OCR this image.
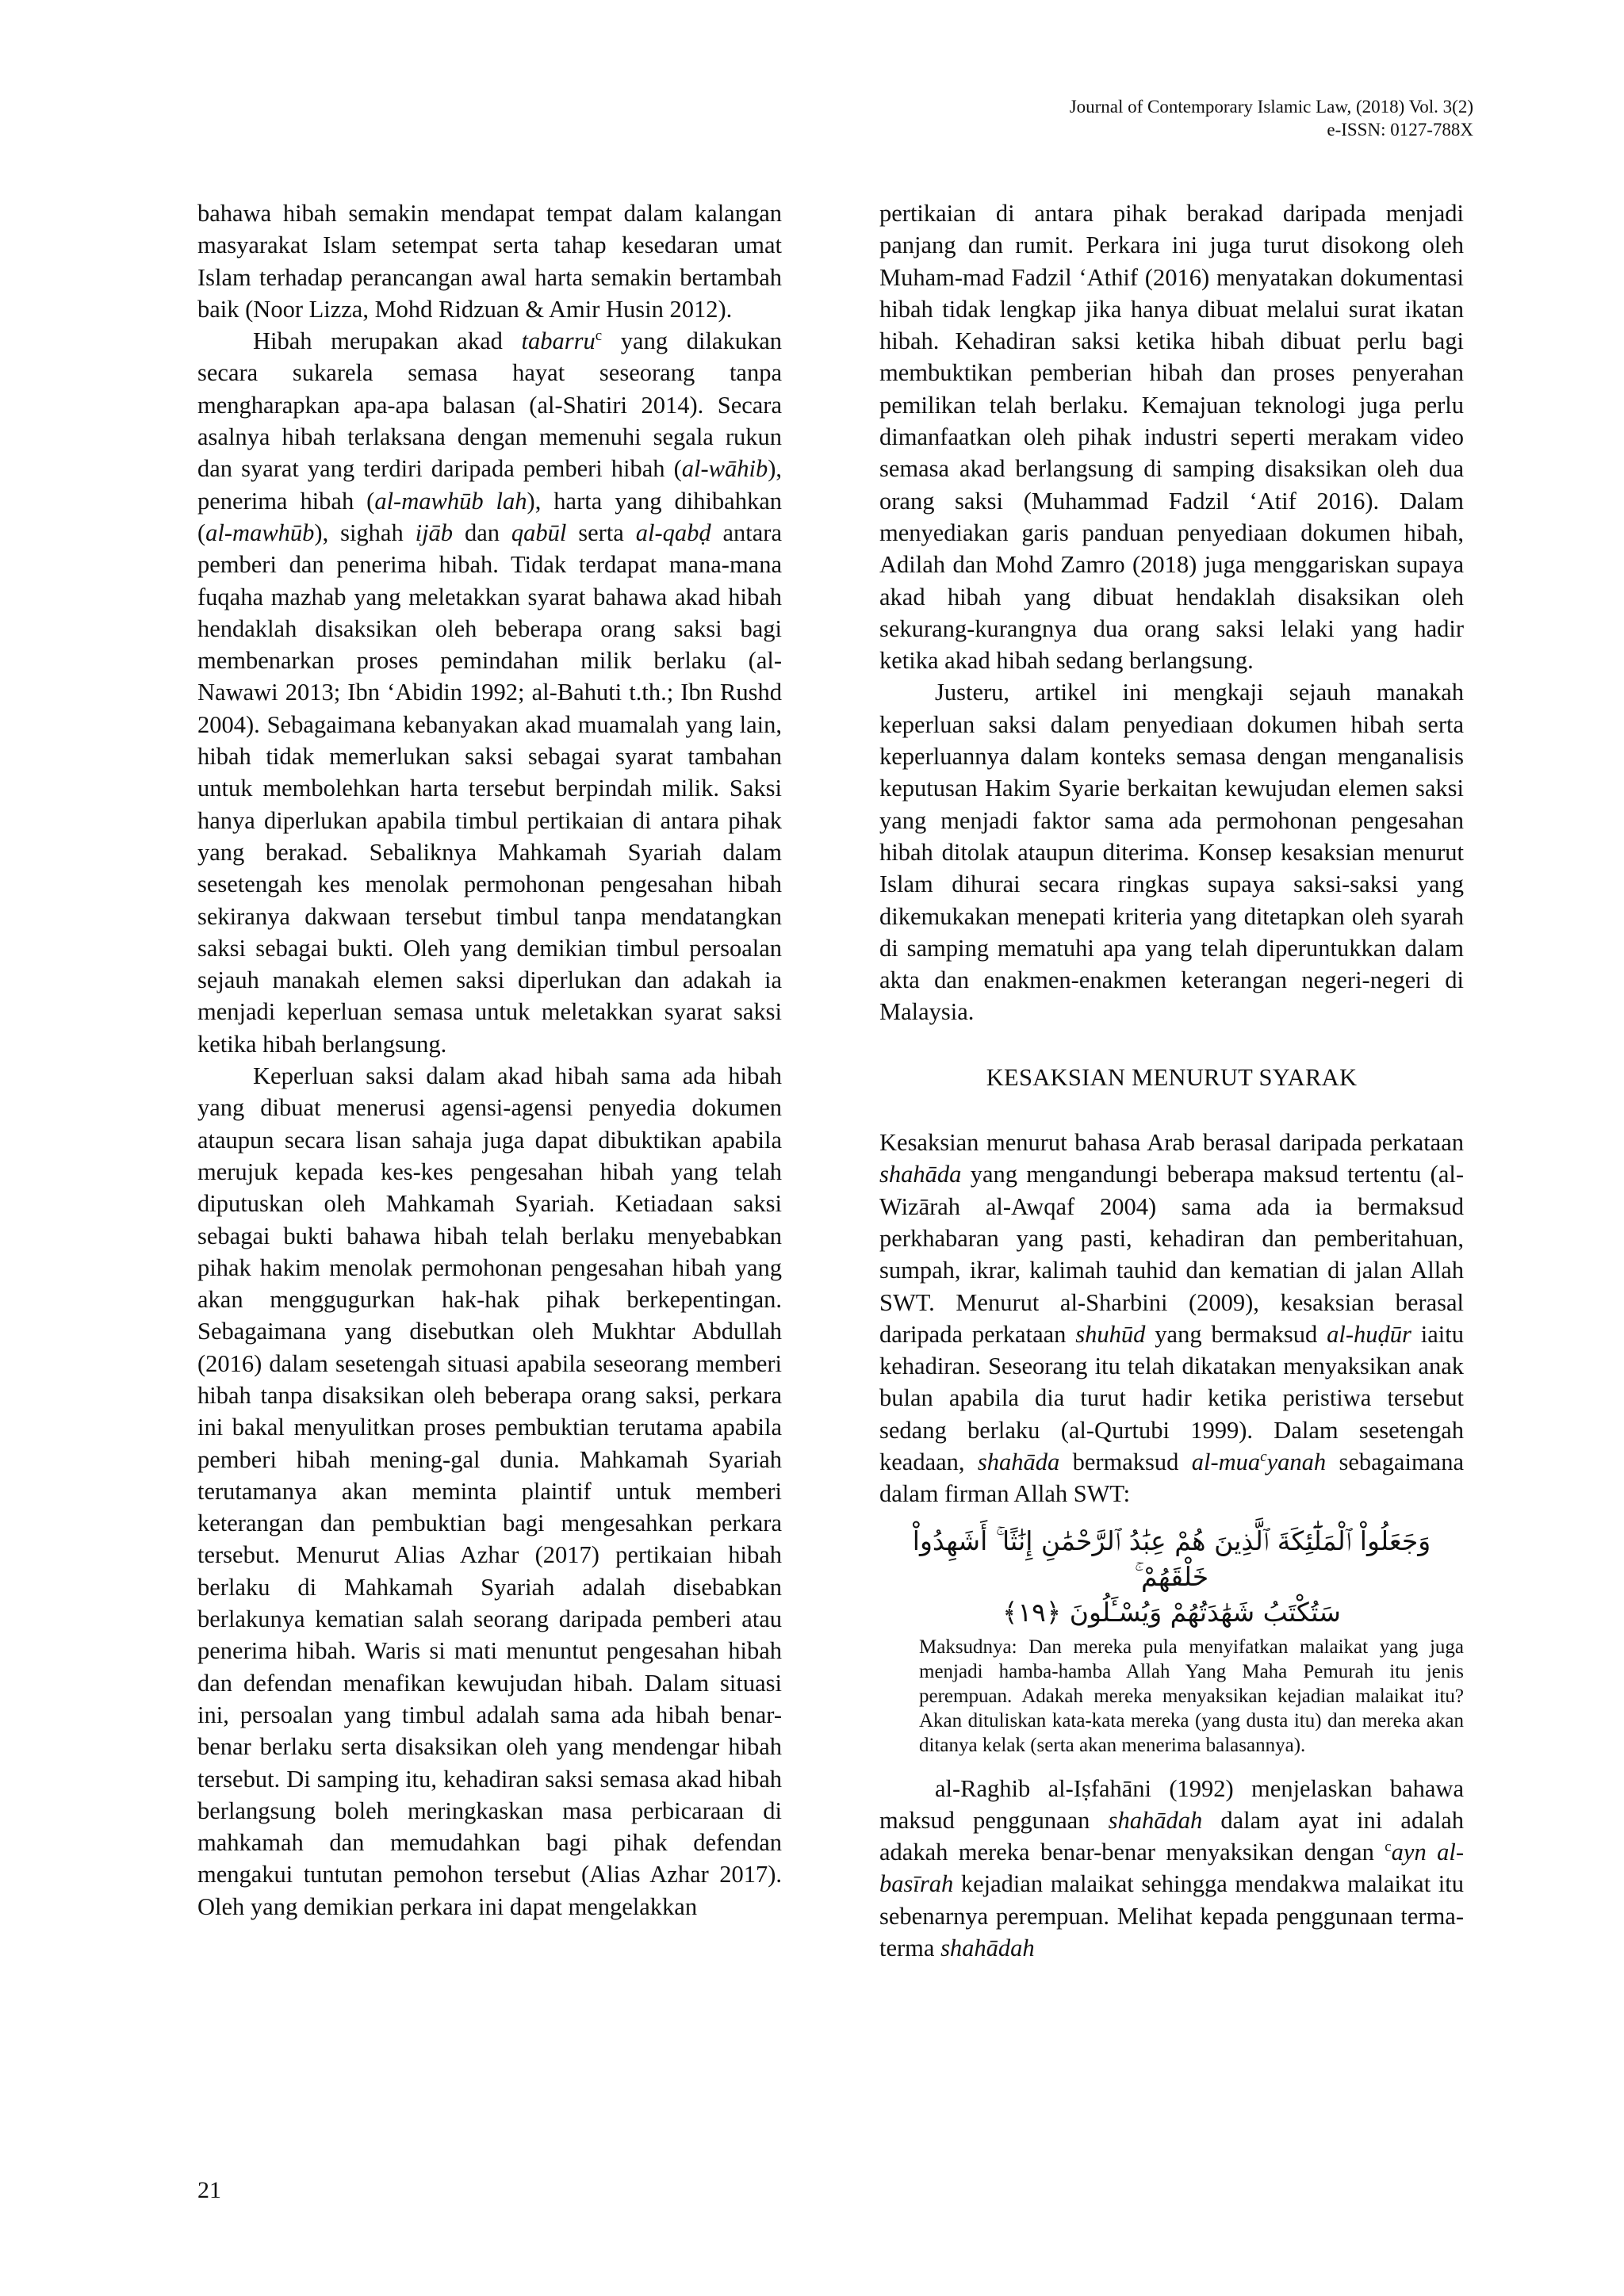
Journal of Contemporary Islamic Law, (2018) Vol. 3(2)
e-ISSN: 0127-788X

bahawa hibah semakin mendapat tempat dalam kalangan masyarakat Islam setempat serta tahap kesedaran umat Islam terhadap perancangan awal harta semakin bertambah baik (Noor Lizza, Mohd Ridzuan & Amir Husin 2012).

Hibah merupakan akad tabarru$^c$ yang dilakukan secara sukarela semasa hayat seseorang tanpa mengharapkan apa-apa balasan (al-Shatiri 2014). Secara asalnya hibah terlaksana dengan memenuhi segala rukun dan syarat yang terdiri daripada pemberi hibah (al-wāhib), penerima hibah (al-mawhūb lah), harta yang dihibahkan (al-mawhūb), sighah ijāb dan qabūl serta al-qabḍ antara pemberi dan penerima hibah. Tidak terdapat mana-mana fuqaha mazhab yang meletakkan syarat bahawa akad hibah hendaklah disaksikan oleh beberapa orang saksi bagi membenarkan proses pemindahan milik berlaku (al-Nawawi 2013; Ibn ‘Abidin 1992; al-Bahuti t.th.; Ibn Rushd 2004). Sebagaimana kebanyakan akad muamalah yang lain, hibah tidak memerlukan saksi sebagai syarat tambahan untuk membolehkan harta tersebut berpindah milik. Saksi hanya diperlukan apabila timbul pertikaian di antara pihak yang berakad. Sebaliknya Mahkamah Syariah dalam sesetengah kes menolak permohonan pengesahan hibah sekiranya dakwaan tersebut timbul tanpa mendatangkan saksi sebagai bukti. Oleh yang demikian timbul persoalan sejauh manakah elemen saksi diperlukan dan adakah ia menjadi keperluan semasa untuk meletakkan syarat saksi ketika hibah berlangsung.

Keperluan saksi dalam akad hibah sama ada hibah yang dibuat menerusi agensi-agensi penyedia dokumen ataupun secara lisan sahaja juga dapat dibuktikan apabila merujuk kepada kes-kes pengesahan hibah yang telah diputuskan oleh Mahkamah Syariah. Ketiadaan saksi sebagai bukti bahawa hibah telah berlaku menyebabkan pihak hakim menolak permohonan pengesahan hibah yang akan menggugurkan hak-hak pihak berkepentingan. Sebagaimana yang disebutkan oleh Mukhtar Abdullah (2016) dalam sesetengah situasi apabila seseorang memberi hibah tanpa disaksikan oleh beberapa orang saksi, perkara ini bakal menyulitkan proses pembuktian terutama apabila pemberi hibah mening-gal dunia. Mahkamah Syariah terutamanya akan meminta plaintif untuk memberi keterangan dan pembuktian bagi mengesahkan perkara tersebut. Menurut Alias Azhar (2017) pertikaian hibah berlaku di Mahkamah Syariah adalah disebabkan berlakunya kematian salah seorang daripada pemberi atau penerima hibah. Waris si mati menuntut pengesahan hibah dan defendan menafikan kewujudan hibah. Dalam situasi ini, persoalan yang timbul adalah sama ada hibah benar-benar berlaku serta disaksikan oleh yang mendengar hibah tersebut. Di samping itu, kehadiran saksi semasa akad hibah berlangsung boleh meringkaskan masa perbicaraan di mahkamah dan memudahkan bagi pihak defendan mengakui tuntutan pemohon tersebut (Alias Azhar 2017). Oleh yang demikian perkara ini dapat mengelakkan

pertikaian di antara pihak berakad daripada menjadi panjang dan rumit. Perkara ini juga turut disokong oleh Muham-mad Fadzil ‘Athif (2016) menyatakan dokumentasi hibah tidak lengkap jika hanya dibuat melalui surat ikatan hibah. Kehadiran saksi ketika hibah dibuat perlu bagi membuktikan pemberian hibah dan proses penyerahan pemilikan telah berlaku. Kemajuan teknologi juga perlu dimanfaatkan oleh pihak industri seperti merakam video semasa akad berlangsung di samping disaksikan oleh dua orang saksi (Muhammad Fadzil ‘Atif 2016). Dalam menyediakan garis panduan penyediaan dokumen hibah, Adilah dan Mohd Zamro (2018) juga menggariskan supaya akad hibah yang dibuat hendaklah disaksikan oleh sekurang-kurangnya dua orang saksi lelaki yang hadir ketika akad hibah sedang berlangsung.

Justeru, artikel ini mengkaji sejauh manakah keperluan saksi dalam penyediaan dokumen hibah serta keperluannya dalam konteks semasa dengan menganalisis keputusan Hakim Syarie berkaitan kewujudan elemen saksi yang menjadi faktor sama ada permohonan pengesahan hibah ditolak ataupun diterima. Konsep kesaksian menurut Islam dihurai secara ringkas supaya saksi-saksi yang dikemukakan menepati kriteria yang ditetapkan oleh syarah di samping mematuhi apa yang telah diperuntukkan dalam akta dan enakmen-enakmen keterangan negeri-negeri di Malaysia.

KESAKSIAN MENURUT SYARAK

Kesaksian menurut bahasa Arab berasal daripada perkataan shahāda yang mengandungi beberapa maksud tertentu (al-Wizārah al-Awqaf 2004) sama ada ia bermaksud perkhabaran yang pasti, kehadiran dan pemberitahuan, sumpah, ikrar, kalimah tauhid dan kematian di jalan Allah SWT. Menurut al-Sharbini (2009), kesaksian berasal daripada perkataan shuhūd yang bermaksud al-huḍūr iaitu kehadiran. Seseorang itu telah dikatakan menyaksikan anak bulan apabila dia turut hadir ketika peristiwa tersebut sedang berlaku (al-Qurtubi 1999). Dalam sesetengah keadaan, shahāda bermaksud al-mua$^c$yanah sebagaimana dalam firman Allah SWT:

وَجَعَلُواْ ٱلْمَلَٰٓئِكَةَ ٱلَّذِينَ هُمْ عِبَٰدُ ٱلرَّحْمَٰنِ إِنَٰثًا ۚ أَشَهِدُواْ خَلْقَهُمْ ۚ
سَتُكْتَبُ شَهَٰدَتُهُمْ وَيُسْـَٔلُونَ ﴿١٩﴾

Maksudnya: Dan mereka pula menyifatkan malaikat yang juga menjadi hamba-hamba Allah Yang Maha Pemurah itu jenis perempuan. Adakah mereka menyaksikan kejadian malaikat itu? Akan dituliskan kata-kata mereka (yang dusta itu) dan mereka akan ditanya kelak (serta akan menerima balasannya).

al-Raghib al-Iṣfahāni (1992) menjelaskan bahawa maksud penggunaan shahādah dalam ayat ini adalah adakah mereka benar-benar menyaksikan dengan $^c$ayn al-basīrah kejadian malaikat sehingga mendakwa malaikat itu sebenarnya perempuan. Melihat kepada penggunaan terma-terma shahādah

21
